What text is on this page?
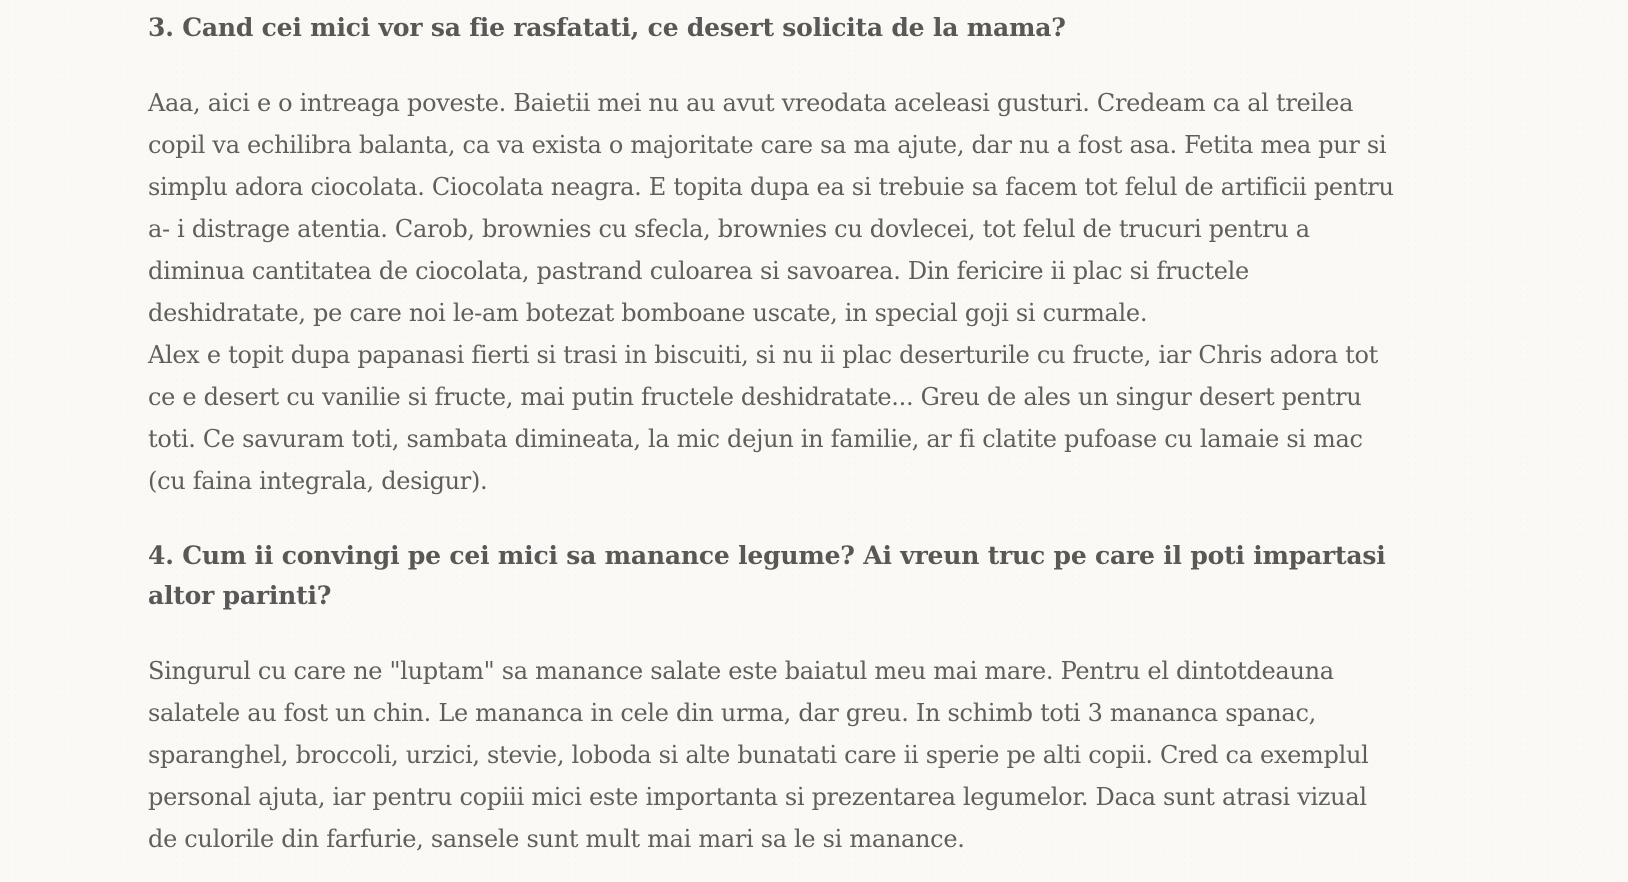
3. Cand cei mici vor sa fie rasfatati, ce desert solicita de la mama?

Aaa, aici e o intreaga poveste. Baietii mei nu au avut vreodata aceleasi gusturi. Credeam ca al treilea copil va echilibra balanta, ca va exista o majoritate care sa ma ajute, dar nu a fost asa. Fetita mea pur si simplu adora ciocolata. Ciocolata neagra. E topita dupa ea si trebuie sa facem tot felul de artificii pentru a- i distrage atentia. Carob, brownies cu sfecla, brownies cu dovlecei, tot felul de trucuri pentru a diminua cantitatea de ciocolata, pastrand culoarea si savoarea. Din fericire ii plac si fructele deshidratate, pe care noi le-am botezat bomboane uscate, in special goji si curmale.

Alex e topit dupa papanasi fierti si trasi in biscuiti, si nu ii plac deserturile cu fructe, iar Chris adora tot ce e desert cu vanilie si fructe, mai putin fructele deshidratate... Greu de ales un singur desert pentru toti. Ce savuram toti, sambata dimineata, la mic dejun in familie, ar fi clatite pufoase cu lamaie si mac (cu faina integrala, desigur).

4. Cum ii convingi pe cei mici sa manance legume? Ai vreun truc pe care il poti impartasi altor parinti?

Singurul cu care ne "luptam" sa manance salate este baiatul meu mai mare. Pentru el dintotdeauna salatele au fost un chin. Le mananca in cele din urma, dar greu. In schimb toti 3 mananca spanac, sparanghel, broccoli, urzici, stevie, loboda si alte bunatati care ii sperie pe alti copii. Cred ca exemplul personal ajuta, iar pentru copiii mici este importanta si prezentarea legumelor. Daca sunt atrasi vizual de culorile din farfurie, sansele sunt mult mai mari sa le si manance.
